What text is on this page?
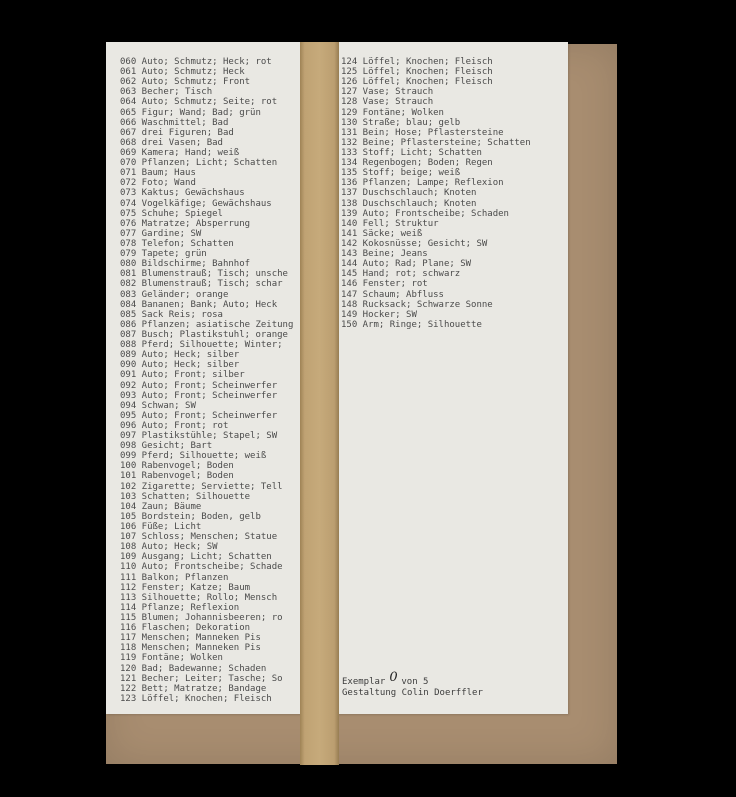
060 Auto; Schmutz; Heck; rot
061 Auto; Schmutz; Heck
062 Auto; Schmutz; Front
063 Becher; Tisch
064 Auto; Schmutz; Seite; rot
065 Figur; Wand; Bad; grün
066 Waschmittel; Bad
067 drei Figuren; Bad
068 drei Vasen; Bad
069 Kamera; Hand; weiß
070 Pflanzen; Licht; Schatten
071 Baum; Haus
072 Foto; Wand
073 Kaktus; Gewächshaus
074 Vogelkäfige; Gewächshaus
075 Schuhe; Spiegel
076 Matratze; Absperrung
077 Gardine; SW
078 Telefon; Schatten
079 Tapete; grün
080 Bildschirme; Bahnhof
081 Blumenstrauß; Tisch; unsche
082 Blumenstrauß; Tisch; schar
083 Geländer; orange
084 Bananen; Bank; Auto; Heck
085 Sack Reis; rosa
086 Pflanzen; asiatische Zeitung
087 Busch; Plastikstuhl; orange
088 Pferd; Silhouette; Winter;
089 Auto; Heck; silber
090 Auto; Heck; silber
091 Auto; Front; silber
092 Auto; Front; Scheinwerfer
093 Auto; Front; Scheinwerfer
094 Schwan; SW
095 Auto; Front; Scheinwerfer
096 Auto; Front; rot
097 Plastikstühle; Stapel; SW
098 Gesicht; Bart
099 Pferd; Silhouette; weiß
100 Rabenvogel; Boden
101 Rabenvogel; Boden
102 Zigarette; Serviette; Tell
103 Schatten; Silhouette
104 Zaun; Bäume
105 Bordstein; Boden, gelb
106 Füße; Licht
107 Schloss; Menschen; Statue
108 Auto; Heck; SW
109 Ausgang; Licht; Schatten
110 Auto; Frontscheibe; Schade
111 Balkon; Pflanzen
112 Fenster; Katze; Baum
113 Silhouette; Rollo; Mensch
114 Pflanze; Reflexion
115 Blumen; Johannisbeeren; ro
116 Flaschen; Dekoration
117 Menschen; Manneken Pis
118 Menschen; Manneken Pis
119 Fontäne; Wolken
120 Bad; Badewanne; Schaden
121 Becher; Leiter; Tasche; So
122 Bett; Matratze; Bandage
123 Löffel; Knochen; Fleisch
124 Löffel; Knochen; Fleisch
125 Löffel; Knochen; Fleisch
126 Löffel; Knochen; Fleisch
127 Vase; Strauch
128 Vase; Strauch
129 Fontäne; Wolken
130 Straße; blau; gelb
131 Bein; Hose; Pflastersteine
132 Beine; Pflastersteine; Schatten
133 Stoff; Licht; Schatten
134 Regenbogen; Boden; Regen
135 Stoff; beige; weiß
136 Pflanzen; Lampe; Reflexion
137 Duschschlauch; Knoten
138 Duschschlauch; Knoten
139 Auto; Frontscheibe; Schaden
140 Fell; Struktur
141 Säcke; weiß
142 Kokosnüsse; Gesicht; SW
143 Beine; Jeans
144 Auto; Rad; Plane; SW
145 Hand; rot; schwarz
146 Fenster; rot
147 Schaum; Abfluss
148 Rucksack; Schwarze Sonne
149 Hocker; SW
150 Arm; Ringe; Silhouette
Exemplar 0 von 5
Gestaltung Colin Doerffler
